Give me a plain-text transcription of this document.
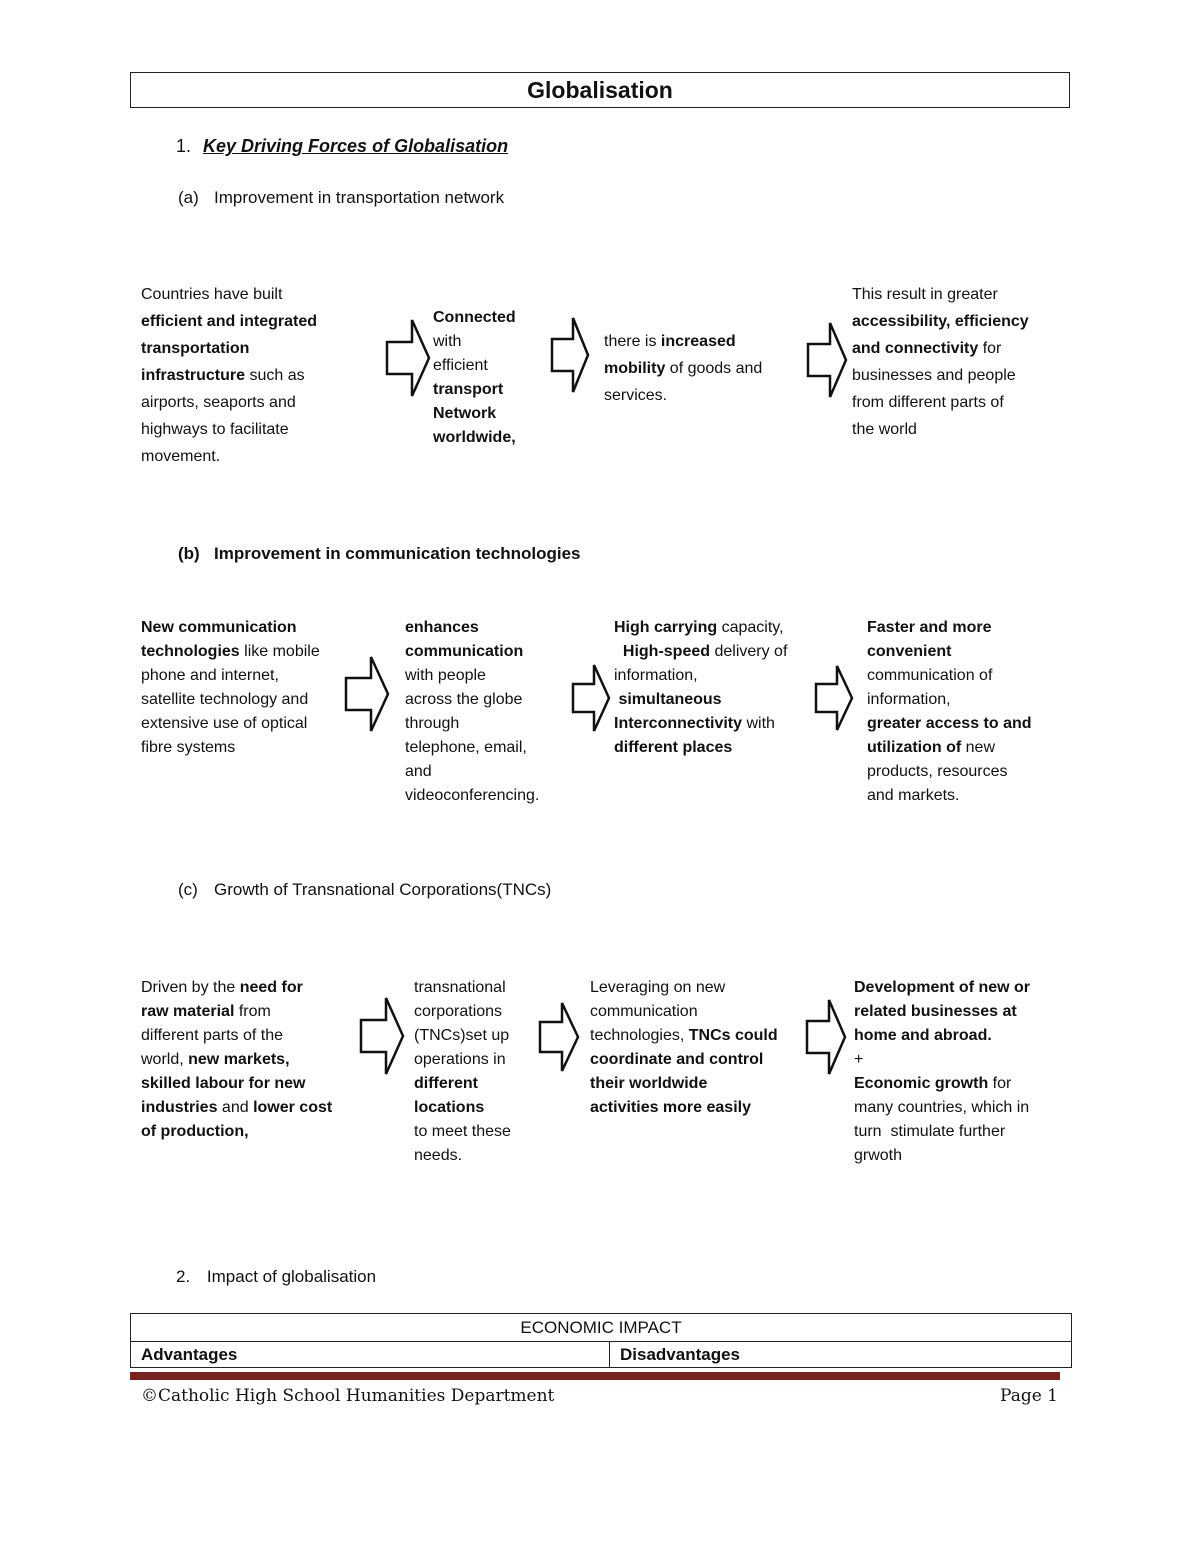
Globalisation
1. Key Driving Forces of Globalisation
(a) Improvement in transportation network
Countries have built
efficient and integrated
transportation
infrastructure such as
airports, seaports and
highways to facilitate
movement.
Connected
with
efficient
transport
Network
worldwide,
there is increased
mobility of goods and
services.
This result in greater
accessibility, efficiency
and connectivity for
businesses and people
from different parts of
the world
(b) Improvement in communication technologies
New communication
technologies like mobile
phone and internet,
satellite technology and
extensive use of optical
fibre systems
enhances
communication
with people
across the globe
through
telephone, email,
and
videoconferencing.
High carrying capacity,
High-speed delivery of
information,
simultaneous
Interconnectivity with
different places
Faster and more
convenient
communication of
information,
greater access to and
utilization of new
products, resources
and markets.
(c) Growth of Transnational Corporations(TNCs)
Driven by the need for
raw material from
different parts of the
world, new markets,
skilled labour for new
industries and lower cost
of production,
transnational
corporations
(TNCs)set up
operations in
different
locations
to meet these
needs.
Leveraging on new
communication
technologies, TNCs could
coordinate and control
their worldwide
activities more easily
Development of new or
related businesses at
home and abroad.
+
Economic growth for
many countries, which in
turn  stimulate further
grwoth
2. Impact of globalisation
ECONOMIC IMPACT
Advantages	Disadvantages
©Catholic High School Humanities Department	Page 1
